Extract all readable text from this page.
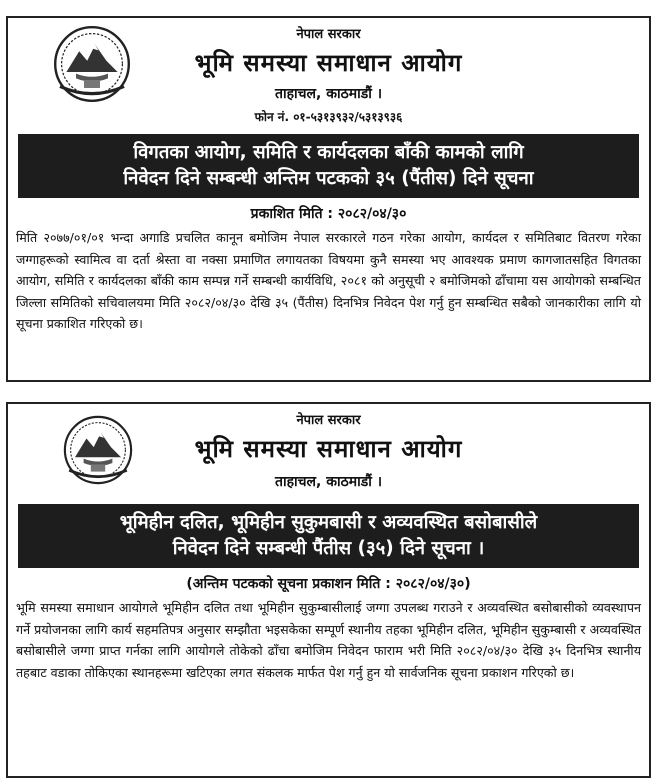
नेपाल सरकार
भूमि समस्या समाधान आयोग
ताहाचल, काठमाडौं ।
फोन नं. ०१-५३१३९३२/५३१३९३६
विगतका आयोग, समिति र कार्यदलका बाँकी कामको लागि
निवेदन दिने सम्बन्धी अन्तिम पटकको ३५ (पैंतीस) दिने सूचना
प्रकाशित मिति : २०८२/०४/३०
मिति २०७७/०१/०१ भन्दा अगाडि प्रचलित कानून बमोजिम नेपाल सरकारले गठन गरेका आयोग, कार्यदल र समितिबाट वितरण गरेका जग्गाहरूको स्वामित्व वा दर्ता श्रेस्ता वा नक्सा प्रमाणित लगायतका विषयमा कुनै समस्या भए आवश्यक प्रमाण कागजातसहित विगतका आयोग, समिति र कार्यदलका बाँकी काम सम्पन्न गर्ने सम्बन्धी कार्यविधि, २०८१ को अनुसूची २ बमोजिमको ढाँचामा यस आयोगको सम्बन्धित जिल्ला समितिको सचिवालयमा मिति २०८२/०४/३० देखि ३५ (पैंतीस) दिनभित्र निवेदन पेश गर्नु हुन सम्बन्धित सबैको जानकारीका लागि यो सूचना प्रकाशित गरिएको छ।
नेपाल सरकार
भूमि समस्या समाधान आयोग
ताहाचल, काठमाडौं ।
भूमिहीन दलित, भूमिहीन सुकुमबासी र अव्यवस्थित बसोबासीले
निवेदन दिने सम्बन्धी पैंतीस (३५) दिने सूचना ।
(अन्तिम पटकको सूचना प्रकाशन मिति : २०८२/०४/३०)
भूमि समस्या समाधान आयोगले भूमिहीन दलित तथा भूमिहीन सुकुम्बासीलाई जग्गा उपलब्ध गराउने र अव्यवस्थित बसोबासीको व्यवस्थापन गर्ने प्रयोजनका लागि कार्य सहमतिपत्र अनुसार सम्झौता भइसकेका सम्पूर्ण स्थानीय तहका भूमिहीन दलित, भूमिहीन सुकुम्बासी र अव्यवस्थित बसोबासीले जग्गा प्राप्त गर्नका लागि आयोगले तोकेको ढाँचा बमोजिम निवेदन फाराम भरी मिति २०८२/०४/३० देखि ३५ दिनभित्र स्थानीय तहबाट वडाका तोकिएका स्थानहरूमा खटिएका लगत संकलक मार्फत पेश गर्नु हुन यो सार्वजनिक सूचना प्रकाशन गरिएको छ।
